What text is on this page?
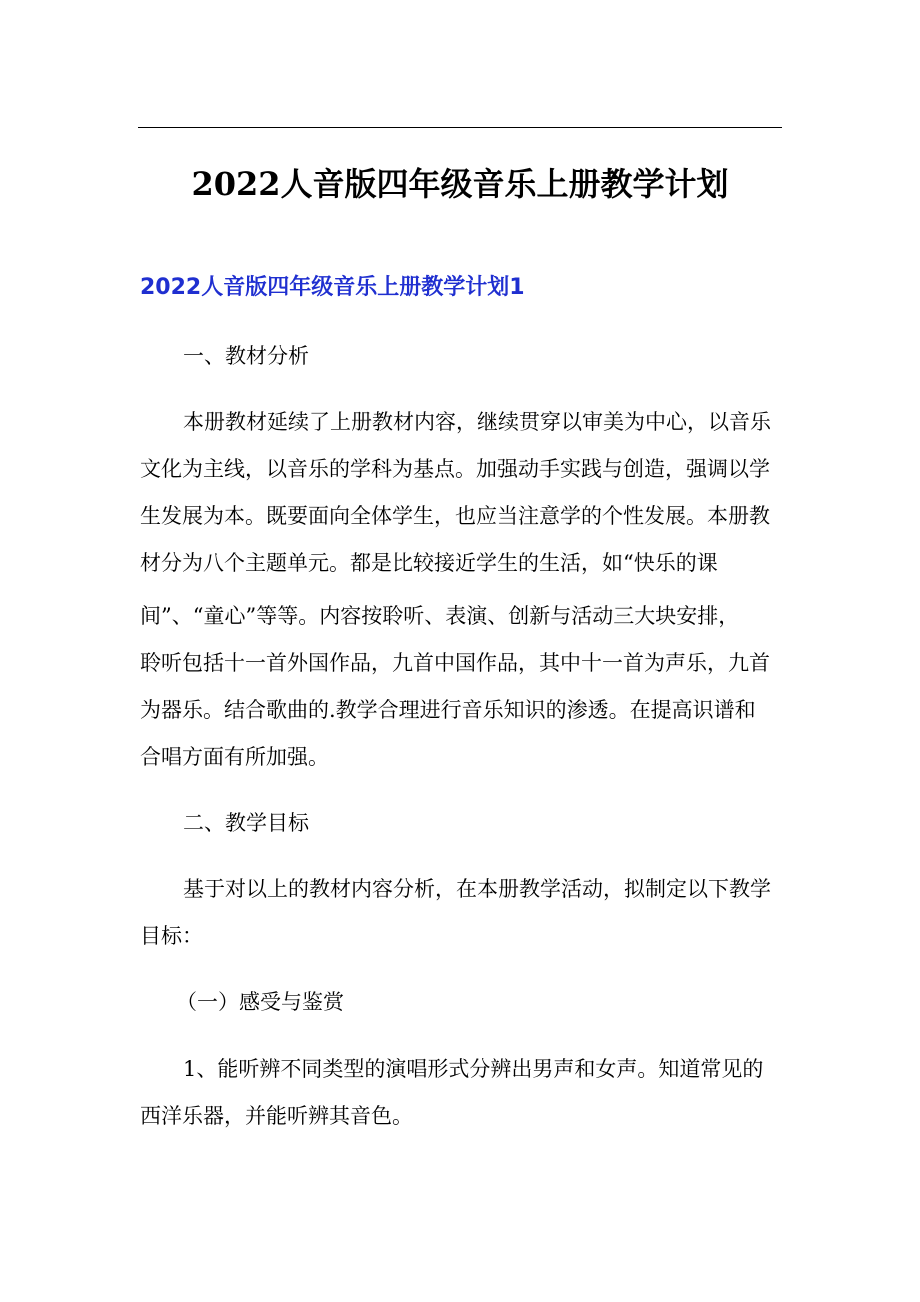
2022人音版四年级音乐上册教学计划
2022人音版四年级音乐上册教学计划1
一、教材分析
本册教材延续了上册教材内容，继续贯穿以审美为中心，以音乐
文化为主线，以音乐的学科为基点。加强动手实践与创造，强调以学
生发展为本。既要面向全体学生，也应当注意学的个性发展。本册教
材分为八个主题单元。都是比较接近学生的生活，如“快乐的课
间”、“童心”等等。内容按聆听、表演、创新与活动三大块安排，
聆听包括十一首外国作品，九首中国作品，其中十一首为声乐，九首
为器乐。结合歌曲的.教学合理进行音乐知识的渗透。在提高识谱和
合唱方面有所加强。
二、教学目标
基于对以上的教材内容分析，在本册教学活动，拟制定以下教学
目标：
（一）感受与鉴赏
1、能听辨不同类型的演唱形式分辨出男声和女声。知道常见的
西洋乐器，并能听辨其音色。
